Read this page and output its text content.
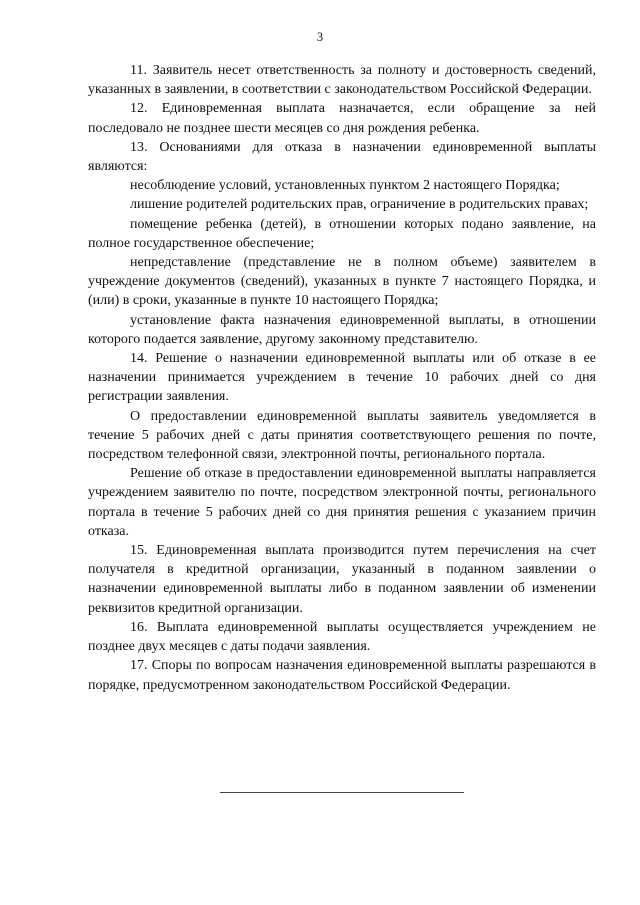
3

11. Заявитель несет ответственность за полноту и достоверность сведений, указанных в заявлении, в соответствии с законодательством Российской Федерации.

12. Единовременная выплата назначается, если обращение за ней последовало не позднее шести месяцев со дня рождения ребенка.

13. Основаниями для отказа в назначении единовременной выплаты являются:

несоблюдение условий, установленных пунктом 2 настоящего Порядка;

лишение родителей родительских прав, ограничение в родительских правах;

помещение ребенка (детей), в отношении которых подано заявление, на полное государственное обеспечение;

непредставление (представление не в полном объеме) заявителем в учреждение документов (сведений), указанных в пункте 7 настоящего Порядка, и (или) в сроки, указанные в пункте 10 настоящего Порядка;

установление факта назначения единовременной выплаты, в отношении которого подается заявление, другому законному представителю.

14. Решение о назначении единовременной выплаты или об отказе в ее назначении принимается учреждением в течение 10 рабочих дней со дня регистрации заявления.

О предоставлении единовременной выплаты заявитель уведомляется в течение 5 рабочих дней с даты принятия соответствующего решения по почте, посредством телефонной связи, электронной почты, регионального портала.

Решение об отказе в предоставлении единовременной выплаты направляется учреждением заявителю по почте, посредством электронной почты, регионального портала в течение 5 рабочих дней со дня принятия решения с указанием причин отказа.

15. Единовременная выплата производится путем перечисления на счет получателя в кредитной организации, указанный в поданном заявлении о назначении единовременной выплаты либо в поданном заявлении об изменении реквизитов кредитной организации.

16. Выплата единовременной выплаты осуществляется учреждением не позднее двух месяцев с даты подачи заявления.

17. Споры по вопросам назначения единовременной выплаты разрешаются в порядке, предусмотренном законодательством Российской Федерации.
